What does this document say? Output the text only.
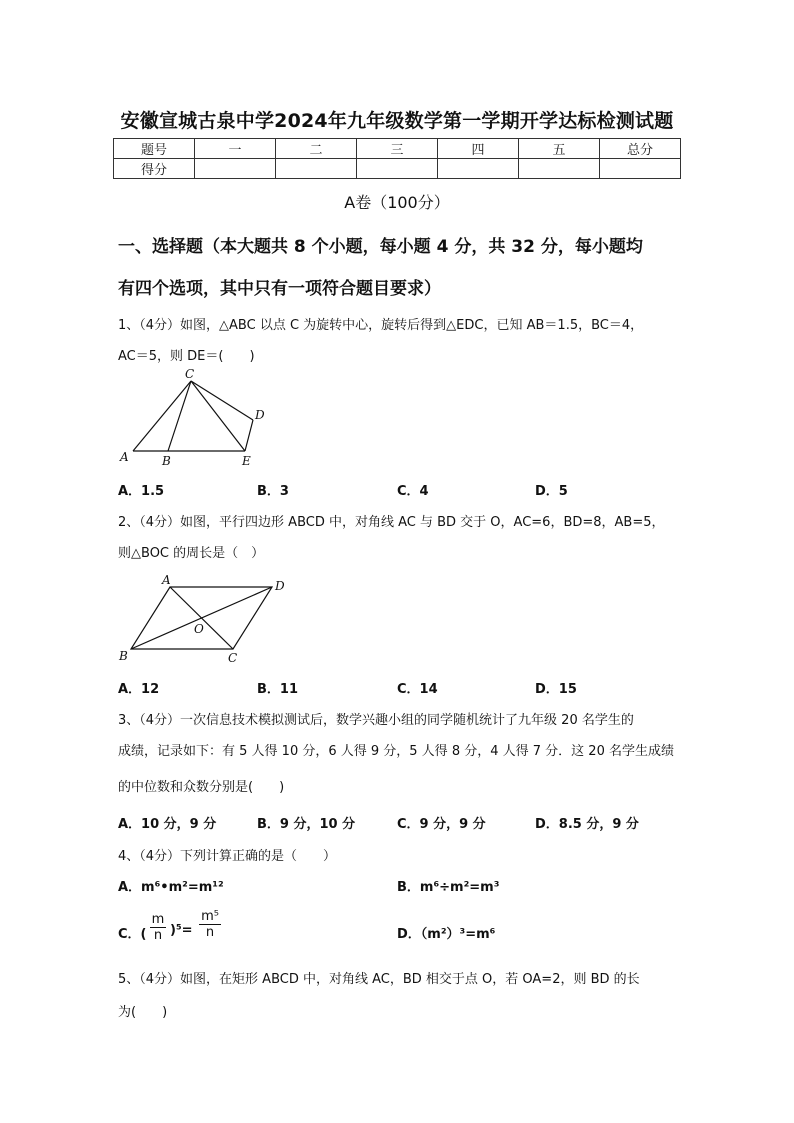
安徽宣城古泉中学2024年九年级数学第一学期开学达标检测试题
题号	一	二	三	四	五	总分
得分						
A卷（100分）
一、选择题（本大题共 8 个小题，每小题 4 分，共 32 分，每小题均
有四个选项，其中只有一项符合题目要求）
1、（4分）如图，△ABC 以点 C 为旋转中心，旋转后得到△EDC，已知 AB＝1.5，BC＝4，
AC＝5，则 DE＝(　　)
C
D
A	B	E
A．1.5	B．3	C．4	D．5
2、（4分）如图，平行四边形 ABCD 中，对角线 AC 与 BD 交于 O，AC=6，BD=8，AB=5，
则△BOC 的周长是（　）
A	D
O
B	C
A．12	B．11	C．14	D．15
3、（4分）一次信息技术模拟测试后，数学兴趣小组的同学随机统计了九年级 20 名学生的
成绩，记录如下：有 5 人得 10 分，6 人得 9 分，5 人得 8 分，4 人得 7 分．这 20 名学生成绩
的中位数和众数分别是(　　)
A．10 分，9 分	B．9 分，10 分	C．9 分，9 分	D．8.5 分，9 分
4、（4分）下列计算正确的是（　　）
A．m⁶•m²=m¹²	B．m⁶÷m²=m³
C．( $\frac{m}{n} )^5= \frac{\text{m⁵}}{n}$	D．（m²）³=m⁶
5、（4分）如图，在矩形 ABCD 中，对角线 AC，BD 相交于点 O，若 OA=2，则 BD 的长
为(　　)
